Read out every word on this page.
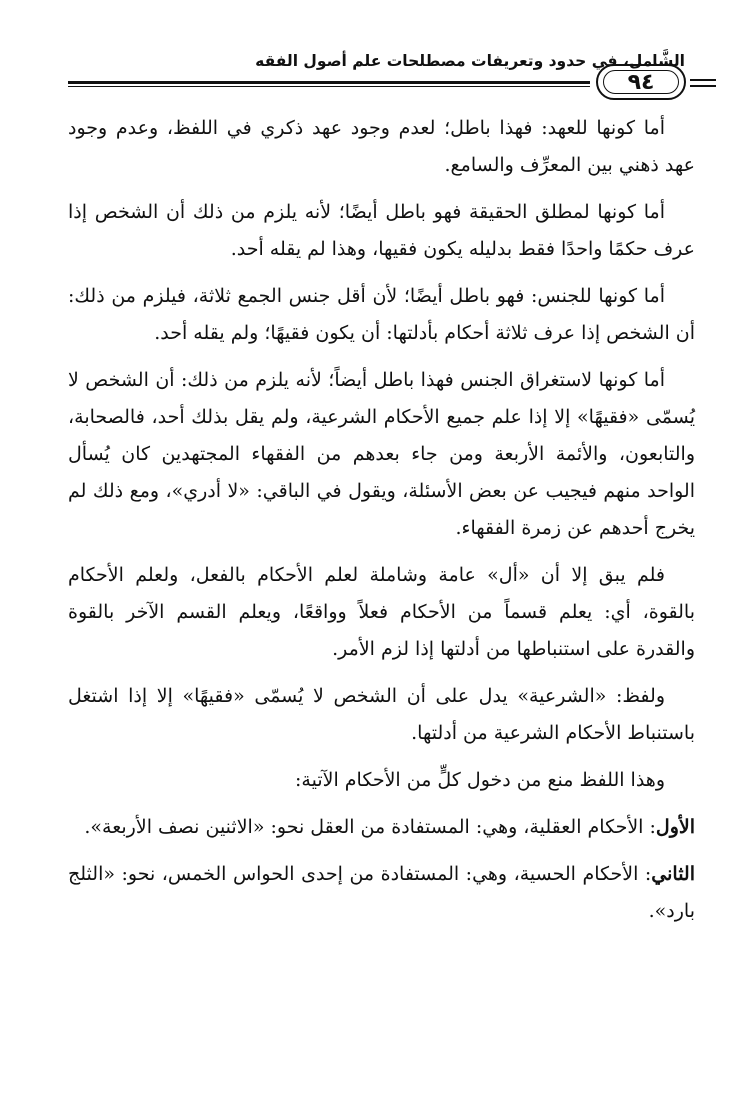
الشَّامل، في حدود وتعريفات مصطلحات علم أصول الفقه
٩٤

أما كونها للعهد: فهذا باطل؛ لعدم وجود عهد ذكري في اللفظ، وعدم وجود عهد ذهني بين المعرِّف والسامع.

أما كونها لمطلق الحقيقة فهو باطل أيضًا؛ لأنه يلزم من ذلك أن الشخص إذا عرف حكمًا واحدًا فقط بدليله يكون فقيها، وهذا لم يقله أحد.

أما كونها للجنس: فهو باطل أيضًا؛ لأن أقل جنس الجمع ثلاثة، فيلزم من ذلك: أن الشخص إذا عرف ثلاثة أحكام بأدلتها: أن يكون فقيهًا؛ ولم يقله أحد.

أما كونها لاستغراق الجنس فهذا باطل أيضاً؛ لأنه يلزم من ذلك: أن الشخص لا يُسمّى «فقيهًا» إلا إذا علم جميع الأحكام الشرعية، ولم يقل بذلك أحد، فالصحابة، والتابعون، والأئمة الأربعة ومن جاء بعدهم من الفقهاء المجتهدين كان يُسأل الواحد منهم فيجيب عن بعض الأسئلة، ويقول في الباقي: «لا أدري»، ومع ذلك لم يخرج أحدهم عن زمرة الفقهاء.

فلم يبق إلا أن «أل» عامة وشاملة لعلم الأحكام بالفعل، ولعلم الأحكام بالقوة، أي: يعلم قسماً من الأحكام فعلاً وواقعًا، ويعلم القسم الآخر بالقوة والقدرة على استنباطها من أدلتها إذا لزم الأمر.

ولفظ: «الشرعية» يدل على أن الشخص لا يُسمّى «فقيهًا» إلا إذا اشتغل باستنباط الأحكام الشرعية من أدلتها.

وهذا اللفظ منع من دخول كلٍّ من الأحكام الآتية:

الأول: الأحكام العقلية، وهي: المستفادة من العقل نحو: «الاثنين نصف الأربعة».

الثاني: الأحكام الحسية، وهي: المستفادة من إحدى الحواس الخمس، نحو: «الثلج بارد».
